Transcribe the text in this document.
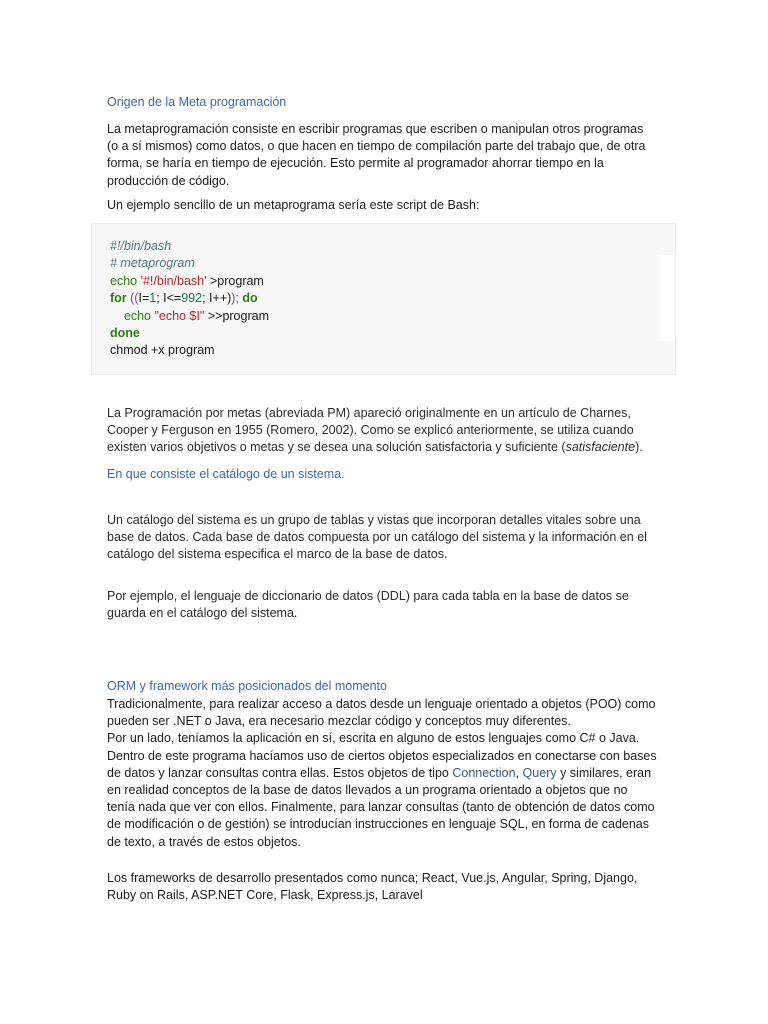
Origen de la Meta programación
La metaprogramación consiste en escribir programas que escriben o manipulan otros programas
(o a sí mismos) como datos, o que hacen en tiempo de compilación parte del trabajo que, de otra
forma, se haría en tiempo de ejecución. Esto permite al programador ahorrar tiempo en la
producción de código.
Un ejemplo sencillo de un metaprograma sería este script de Bash:
#!/bin/bash
# metaprogram
echo '#!/bin/bash' >program
for ((I=1; I<=992; I++)); do
echo "echo $I" >>program
done
chmod +x program
La Programación por metas (abreviada PM) apareció originalmente en un artículo de Charnes,
Cooper y Ferguson en 1955 (Romero, 2002). Como se explicó anteriormente, se utiliza cuando
existen varios objetivos o metas y se desea una solución satisfactoria y suficiente (satisfaciente).
En que consiste el catálogo de un sistema.
Un catálogo del sistema es un grupo de tablas y vistas que incorporan detalles vitales sobre una
base de datos. Cada base de datos compuesta por un catálogo del sistema y la información en el
catálogo del sistema especifica el marco de la base de datos.
Por ejemplo, el lenguaje de diccionario de datos (DDL) para cada tabla en la base de datos se
guarda en el catálogo del sistema.
ORM y framework más posicionados del momento
Tradicionalmente, para realizar acceso a datos desde un lenguaje orientado a objetos (POO) como
pueden ser .NET o Java, era necesario mezclar código y conceptos muy diferentes.
Por un lado, teníamos la aplicación en sí, escrita en alguno de estos lenguajes como C# o Java.
Dentro de este programa hacíamos uso de ciertos objetos especializados en conectarse con bases
de datos y lanzar consultas contra ellas. Estos objetos de tipo Connection, Query y similares, eran
en realidad conceptos de la base de datos llevados a un programa orientado a objetos que no
tenía nada que ver con ellos. Finalmente, para lanzar consultas (tanto de obtención de datos como
de modificación o de gestión) se introducían instrucciones en lenguaje SQL, en forma de cadenas
de texto, a través de estos objetos.
Los frameworks de desarrollo presentados como nunca; React, Vue.js, Angular, Spring, Django,
Ruby on Rails, ASP.NET Core, Flask, Express.js, Laravel
